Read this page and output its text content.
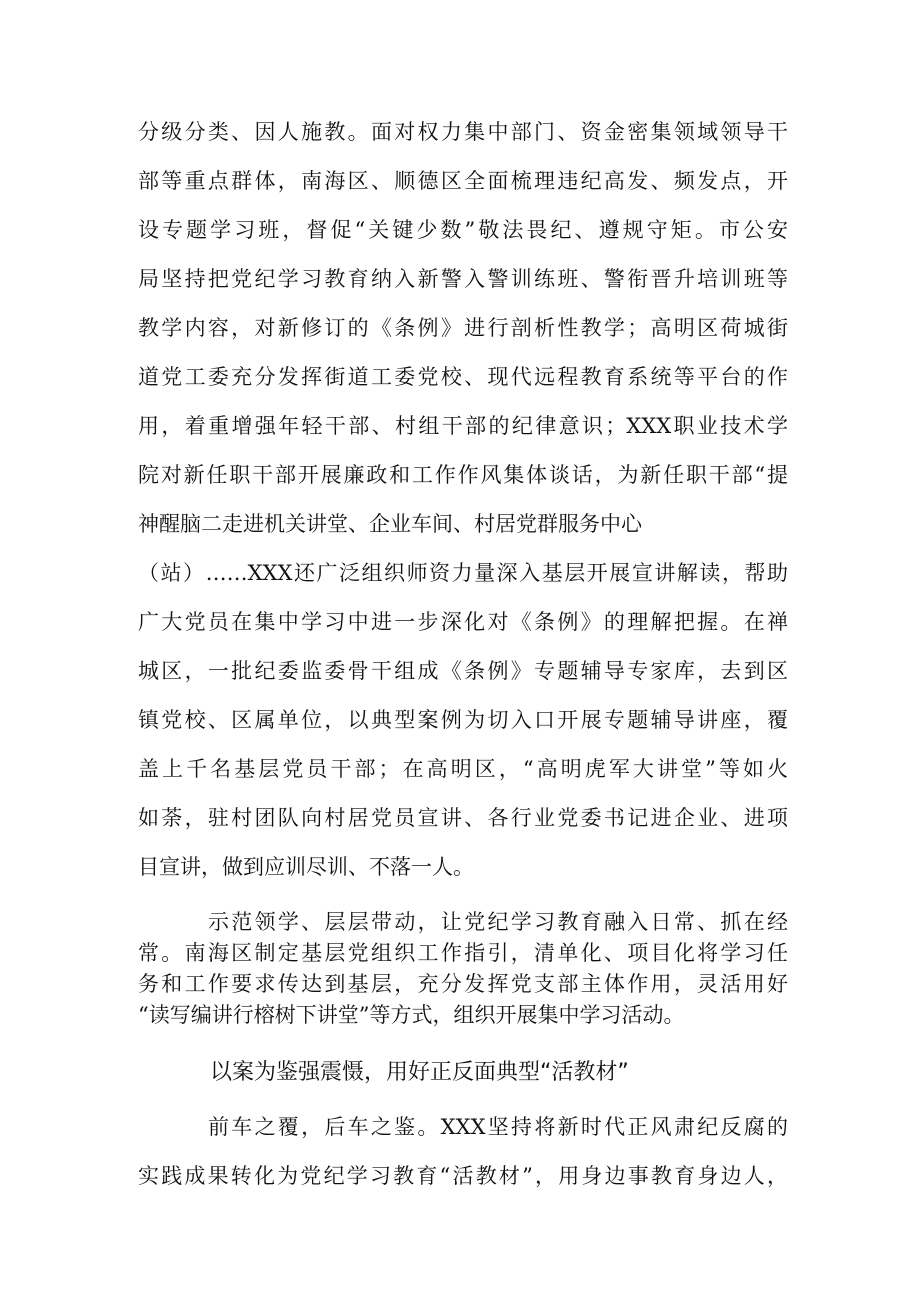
分级分类、因人施教。面对权力集中部门、资金密集领域领导干
部等重点群体，南海区、顺德区全面梳理违纪高发、频发点，开
设专题学习班，督促“关键少数”敬法畏纪、遵规守矩。市公安
局坚持把党纪学习教育纳入新警入警训练班、警衔晋升培训班等
教学内容，对新修订的《条例》进行剖析性教学；高明区荷城街
道党工委充分发挥街道工委党校、现代远程教育系统等平台的作
用，着重增强年轻干部、村组干部的纪律意识；XXX职业技术学
院对新任职干部开展廉政和工作作风集体谈话，为新任职干部“提
神醒脑二走进机关讲堂、企业车间、村居党群服务中心
（站）……XXX还广泛组织师资力量深入基层开展宣讲解读，帮助
广大党员在集中学习中进一步深化对《条例》的理解把握。在禅
城区，一批纪委监委骨干组成《条例》专题辅导专家库，去到区
镇党校、区属单位，以典型案例为切入口开展专题辅导讲座，覆
盖上千名基层党员干部；在高明区，“高明虎军大讲堂”等如火
如荼，驻村团队向村居党员宣讲、各行业党委书记进企业、进项
目宣讲，做到应训尽训、不落一人。
示范领学、层层带动，让党纪学习教育融入日常、抓在经
常。南海区制定基层党组织工作指引，清单化、项目化将学习任
务和工作要求传达到基层，充分发挥党支部主体作用，灵活用好
“读写编讲行榕树下讲堂”等方式，组织开展集中学习活动。
以案为鉴强震慑，用好正反面典型“活教材”
前车之覆，后车之鉴。XXX坚持将新时代正风肃纪反腐的
实践成果转化为党纪学习教育“活教材”，用身边事教育身边人，
